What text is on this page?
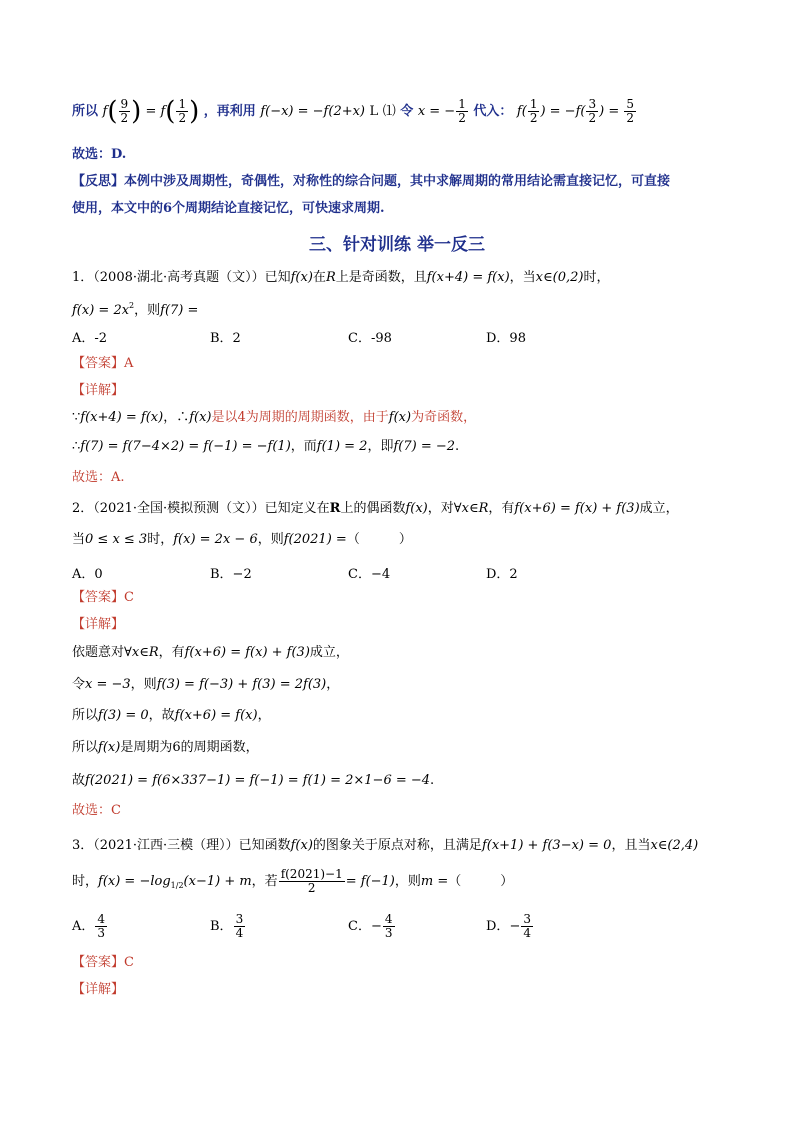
所以 $f( \frac{9}{2}$ ) = $f( \frac{1}{2}$ ) ，再利用 f(−x) = −f(2+x) L ⑴ 令 x = − $\frac{1}{2}$ 代入： $f( \frac{1}{2}$ ) = $-f( \frac{3}{2}$ ) = $\frac{5}{2}$
故选：D.
【反思】本例中涉及周期性，奇偶性，对称性的综合问题，其中求解周期的常用结论需直接记忆，可直接
使用，本文中的6个周期结论直接记忆，可快速求周期.
三、针对训练 举一反三
1．（2008·湖北·高考真题（文））已知f(x)在R上是奇函数，且f(x+4) = f(x)，当x∈(0,2)时，
$f(x) = 2x^2$，则f(7) =
A．-2	B．2	C．-98	D．98
【答案】A
【详解】
∵f(x+4) = f(x)，∴f(x)是以4为周期的周期函数，由于f(x)为奇函数，
∴f(7) = f(7−4×2) = f(−1) = −f(1)，而f(1) = 2，即f(7) = −2.
故选：A.
2．（2021·全国·模拟预测（文））已知定义在R上的偶函数f(x)，对∀x∈R，有f(x+6) = f(x) + f(3)成立，
当0 ≤ x ≤ 3时，f(x) = 2x − 6，则f(2021) =（　　　）
A．0	B．−2	C．−4	D．2
【答案】C
【详解】
依题意对∀x∈R，有f(x+6) = f(x) + f(3)成立，
令x = −3，则f(3) = f(−3) + f(3) = 2f(3)，
所以f(3) = 0，故f(x+6) = f(x)，
所以f(x)是周期为6的周期函数，
故f(2021) = f(6×337−1) = f(−1) = f(1) = 2×1−6 = −4.
故选：C
3．（2021·江西·三模（理））已知函数f(x)的图象关于原点对称，且满足f(x+1) + f(3−x) = 0，且当x∈(2,4)
时，$f(x) = -\log_{1/2}(x-1) + m$，若 $\frac{f(2021)-1}{2} = f(-1)$，则m =（　　　）
A． $\frac{4}{3}$	B． $\frac{3}{4}$	C．− $\frac{4}{3}$	D．− $\frac{3}{4}$
【答案】C
【详解】
